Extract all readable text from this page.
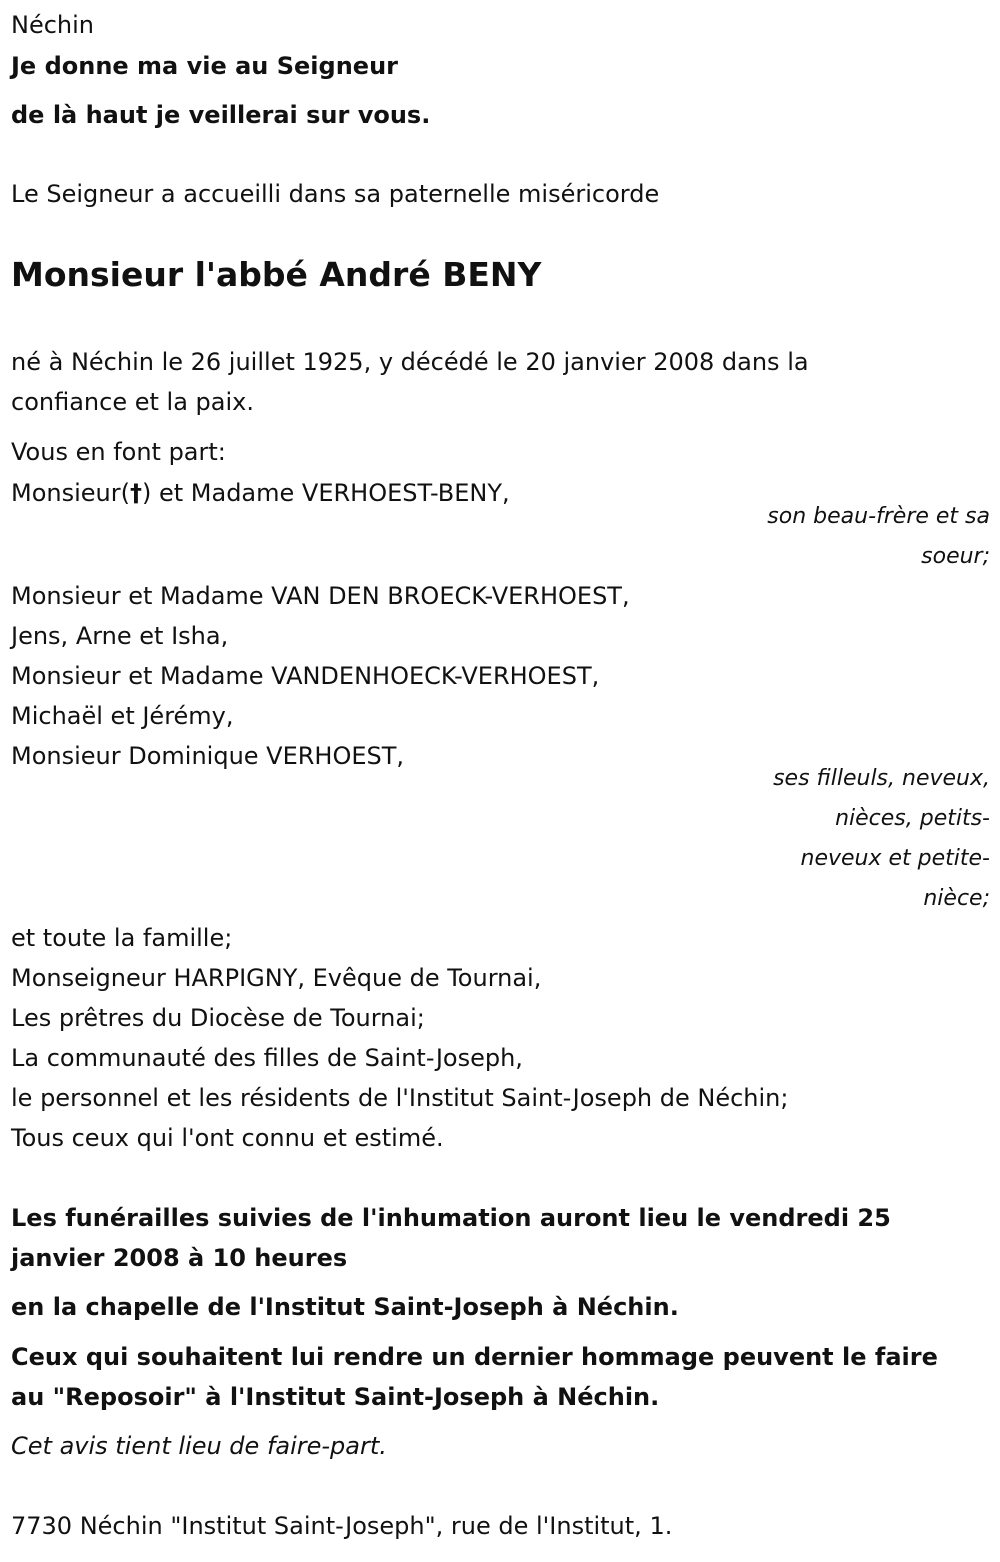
Néchin
Je donne ma vie au Seigneur
de là haut je veillerai sur vous.
Le Seigneur a accueilli dans sa paternelle miséricorde
Monsieur l'abbé André BENY
né à Néchin le 26 juillet 1925, y décédé le 20 janvier 2008 dans la
confiance et la paix.
Vous en font part:
Monsieur(†) et Madame VERHOEST-BENY,
son beau-frère et sa
soeur;
Monsieur et Madame VAN DEN BROECK-VERHOEST,
Jens, Arne et Isha,
Monsieur et Madame VANDENHOECK-VERHOEST,
Michaël et Jérémy,
Monsieur Dominique VERHOEST,
ses filleuls, neveux,
nièces, petits-
neveux et petite-
nièce;
et toute la famille;
Monseigneur HARPIGNY, Evêque de Tournai,
Les prêtres du Diocèse de Tournai;
La communauté des filles de Saint-Joseph,
le personnel et les résidents de l'Institut Saint-Joseph de Néchin;
Tous ceux qui l'ont connu et estimé.
Les funérailles suivies de l'inhumation auront lieu le vendredi 25
janvier 2008 à 10 heures
en la chapelle de l'Institut Saint-Joseph à Néchin.
Ceux qui souhaitent lui rendre un dernier hommage peuvent le faire
au "Reposoir" à l'Institut Saint-Joseph à Néchin.
Cet avis tient lieu de faire-part.
7730 Néchin "Institut Saint-Joseph", rue de l'Institut, 1.
